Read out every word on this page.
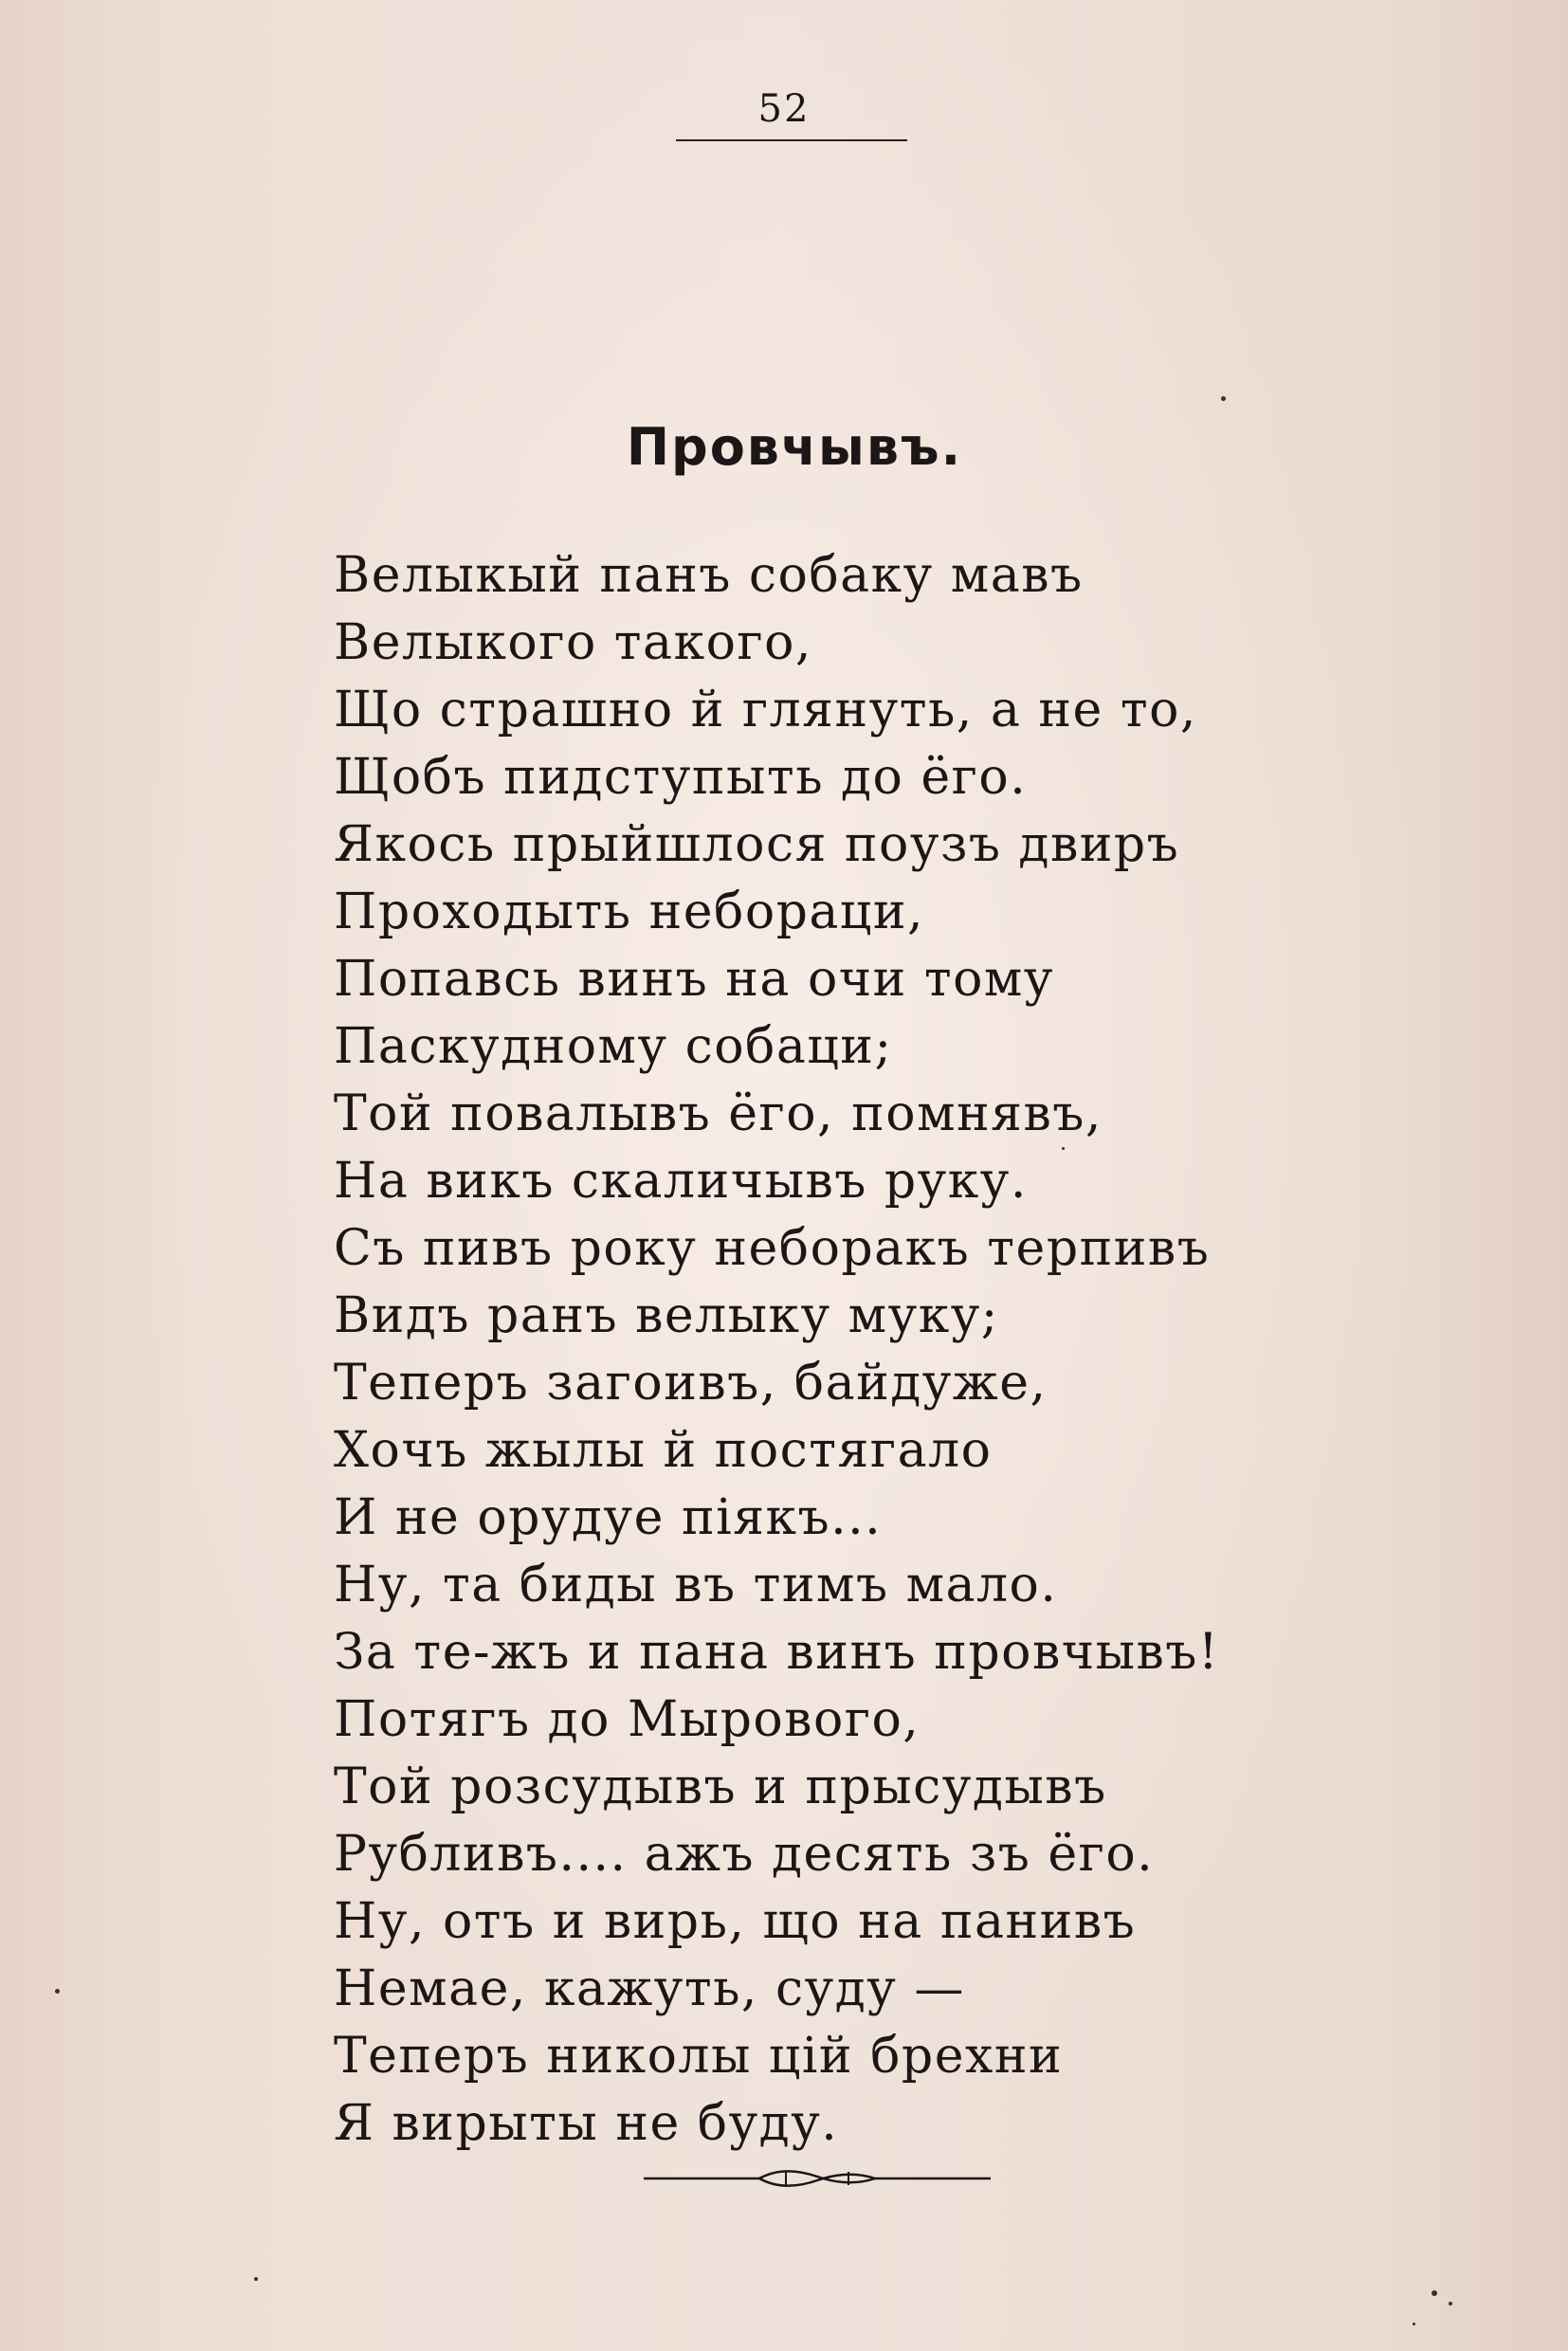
52
Провчывъ.
Велыкый панъ собаку мавъ
Велыкого такого,
Що страшно й глянуть, а не то,
Щобъ пидступыть до ёго.
Якось прыйшлося поузъ двиръ
Проходыть небораци,
Попавсь винъ на очи тому
Паскудному собаци;
Той повалывъ ёго, помнявъ,
На викъ скаличывъ руку.
Съ пивъ року неборакъ терпивъ
Видъ ранъ велыку муку;
Теперъ загоивъ, байдуже,
Хочъ жылы й постягало
И не орудуе піякъ...
Ну, та биды въ тимъ мало.
За те-жъ и пана винъ провчывъ!
Потягъ до Мырового,
Той розсудывъ и прысудывъ
Рубливъ.... ажъ десять зъ ёго.
Ну, отъ и вирь, що на панивъ
Немае, кажуть, суду —
Теперъ николы цій брехни
Я вирыты не буду.
